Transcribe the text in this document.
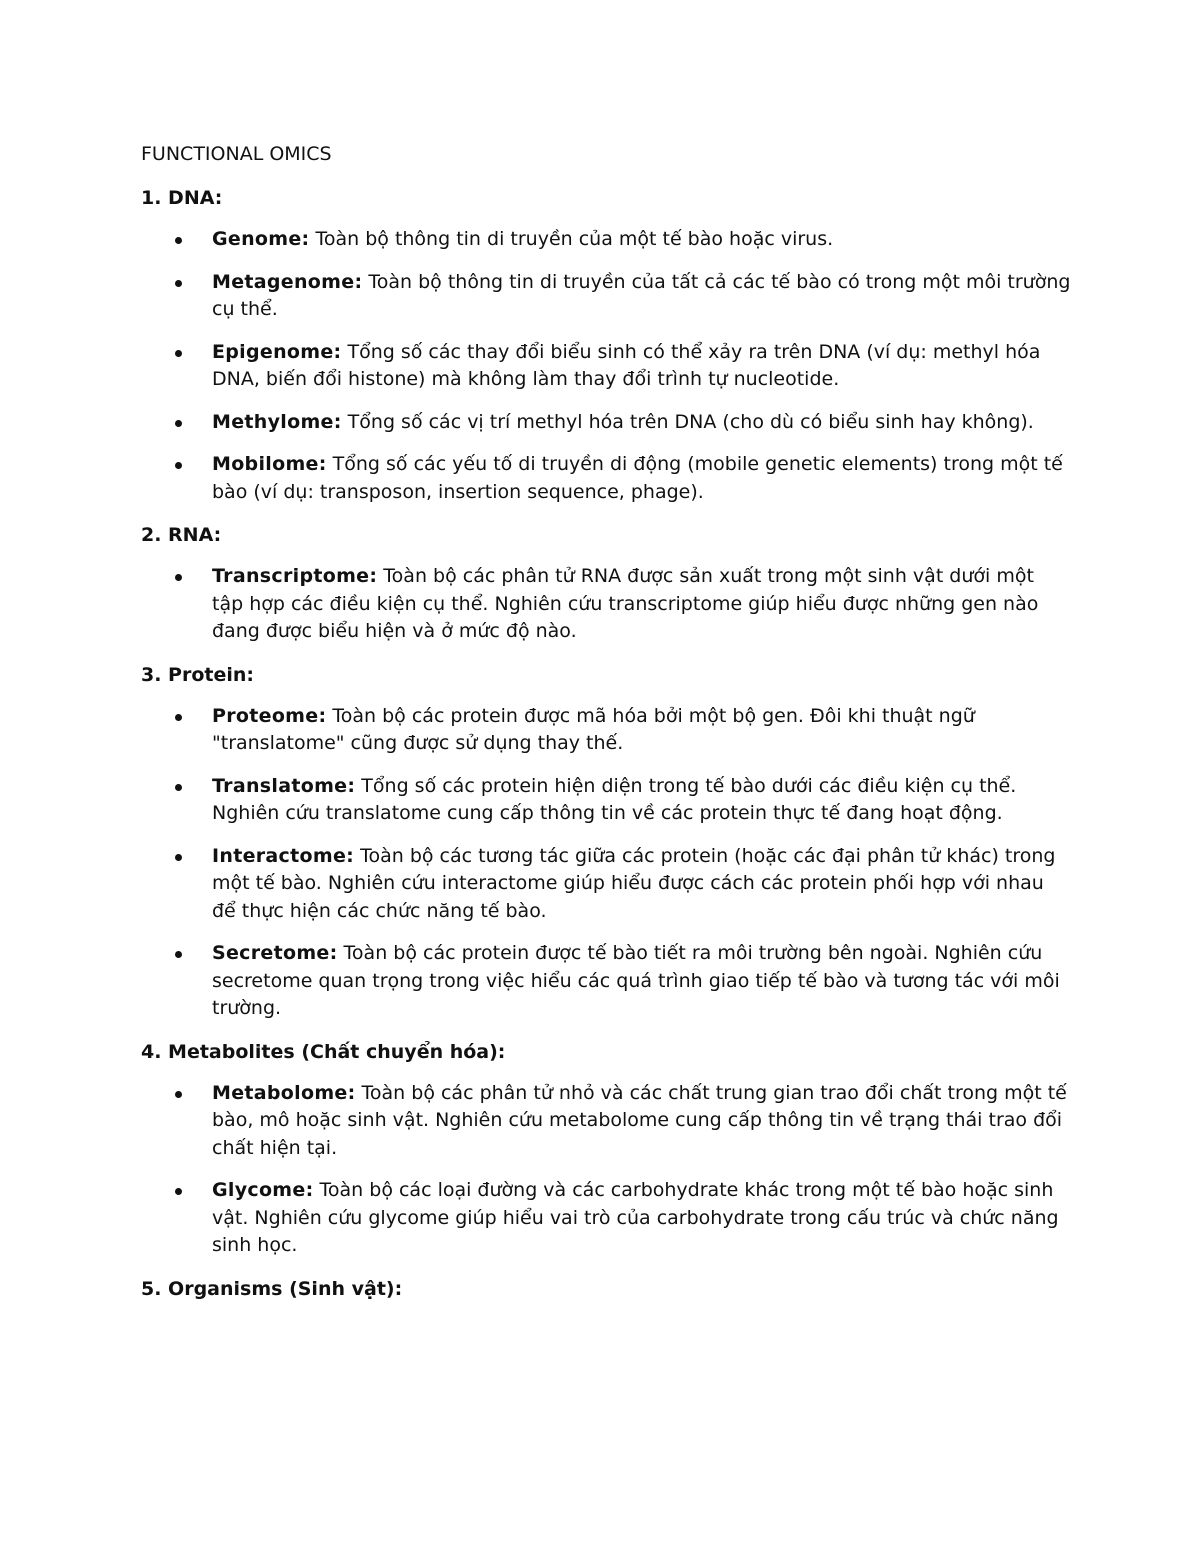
FUNCTIONAL OMICS
1. DNA:
Genome: Toàn bộ thông tin di truyền của một tế bào hoặc virus.
Metagenome: Toàn bộ thông tin di truyền của tất cả các tế bào có trong một môi trường cụ thể.
Epigenome: Tổng số các thay đổi biểu sinh có thể xảy ra trên DNA (ví dụ: methyl hóa DNA, biến đổi histone) mà không làm thay đổi trình tự nucleotide.
Methylome: Tổng số các vị trí methyl hóa trên DNA (cho dù có biểu sinh hay không).
Mobilome: Tổng số các yếu tố di truyền di động (mobile genetic elements) trong một tế bào (ví dụ: transposon, insertion sequence, phage).
2. RNA:
Transcriptome: Toàn bộ các phân tử RNA được sản xuất trong một sinh vật dưới một tập hợp các điều kiện cụ thể. Nghiên cứu transcriptome giúp hiểu được những gen nào đang được biểu hiện và ở mức độ nào.
3. Protein:
Proteome: Toàn bộ các protein được mã hóa bởi một bộ gen. Đôi khi thuật ngữ "translatome" cũng được sử dụng thay thế.
Translatome: Tổng số các protein hiện diện trong tế bào dưới các điều kiện cụ thể. Nghiên cứu translatome cung cấp thông tin về các protein thực tế đang hoạt động.
Interactome: Toàn bộ các tương tác giữa các protein (hoặc các đại phân tử khác) trong một tế bào. Nghiên cứu interactome giúp hiểu được cách các protein phối hợp với nhau để thực hiện các chức năng tế bào.
Secretome: Toàn bộ các protein được tế bào tiết ra môi trường bên ngoài. Nghiên cứu secretome quan trọng trong việc hiểu các quá trình giao tiếp tế bào và tương tác với môi trường.
4. Metabolites (Chất chuyển hóa):
Metabolome: Toàn bộ các phân tử nhỏ và các chất trung gian trao đổi chất trong một tế bào, mô hoặc sinh vật. Nghiên cứu metabolome cung cấp thông tin về trạng thái trao đổi chất hiện tại.
Glycome: Toàn bộ các loại đường và các carbohydrate khác trong một tế bào hoặc sinh vật. Nghiên cứu glycome giúp hiểu vai trò của carbohydrate trong cấu trúc và chức năng sinh học.
5. Organisms (Sinh vật):
